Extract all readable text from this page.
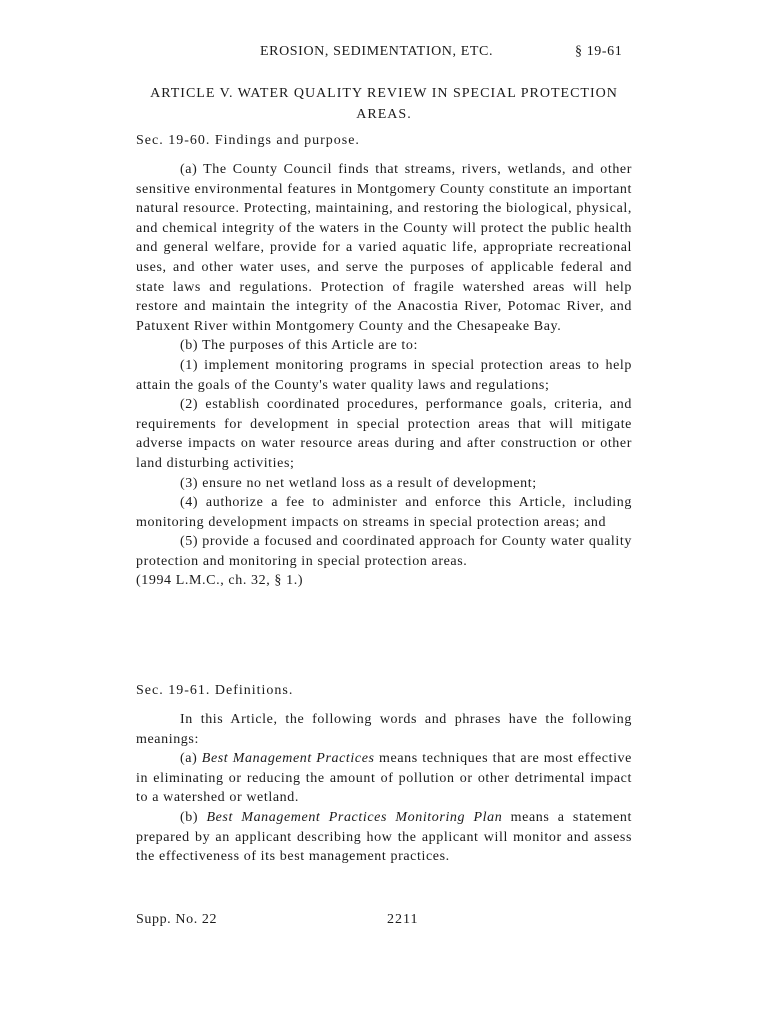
EROSION, SEDIMENTATION, ETC.	§ 19-61
ARTICLE V. WATER QUALITY REVIEW IN SPECIAL PROTECTION AREAS.
Sec. 19-60. Findings and purpose.

(a) The County Council finds that streams, rivers, wetlands, and other sensitive environmental features in Montgomery County constitute an important natural resource. Protecting, maintaining, and restoring the biological, physical, and chemical integrity of the waters in the County will protect the public health and general welfare, provide for a varied aquatic life, appropriate recreational uses, and other water uses, and serve the purposes of applicable federal and state laws and regulations. Protection of fragile watershed areas will help restore and maintain the integrity of the Anacostia River, Potomac River, and Patuxent River within Montgomery County and the Chesapeake Bay.

(b) The purposes of this Article are to:

(1) implement monitoring programs in special protection areas to help attain the goals of the County's water quality laws and regulations;

(2) establish coordinated procedures, performance goals, criteria, and requirements for development in special protection areas that will mitigate adverse impacts on water resource areas during and after construction or other land disturbing activities;

(3) ensure no net wetland loss as a result of development;

(4) authorize a fee to administer and enforce this Article, including monitoring development impacts on streams in special protection areas; and

(5) provide a focused and coordinated approach for County water quality protection and monitoring in special protection areas.

(1994 L.M.C., ch. 32, § 1.)

Sec. 19-61. Definitions.

In this Article, the following words and phrases have the following meanings:

(a) Best Management Practices means techniques that are most effective in eliminating or reducing the amount of pollution or other detrimental impact to a watershed or wetland.

(b) Best Management Practices Monitoring Plan means a statement prepared by an applicant describing how the applicant will monitor and assess the effectiveness of its best management practices.

Supp. No. 22	2211
